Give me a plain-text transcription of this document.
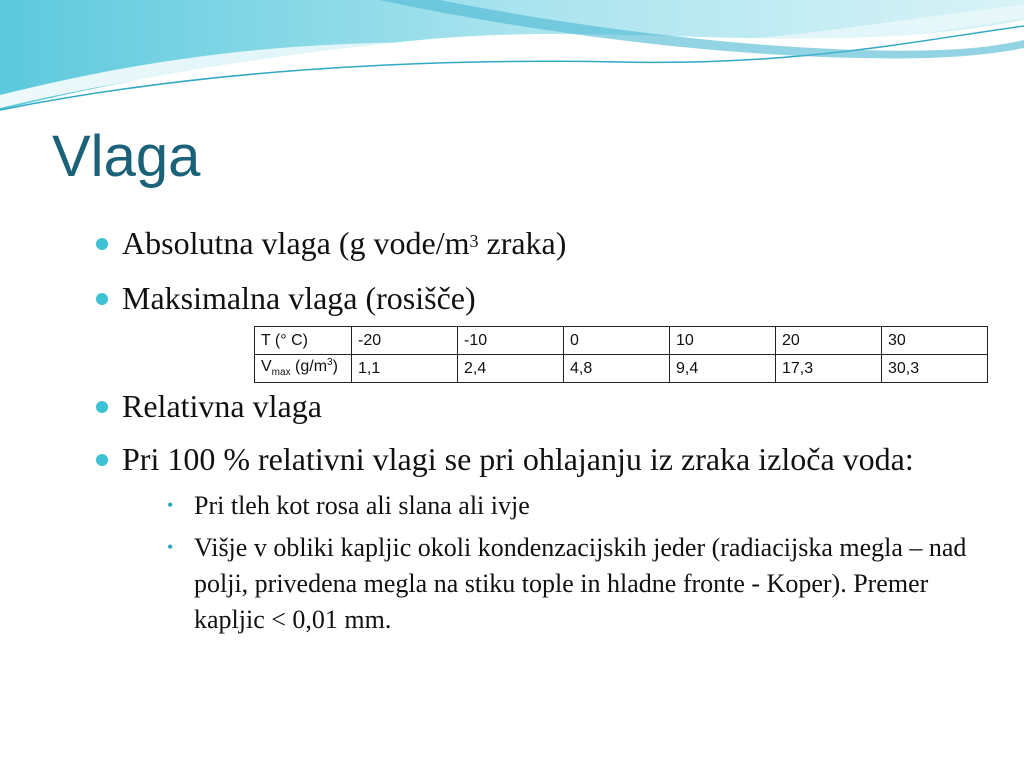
Vlaga
Absolutna vlaga (g vode/$m^3$ zraka)
Maksimalna vlaga (rosišče)
T (° C)	-20	-10	0	10	20	30
$V_{max}$ $(g/m^3)$	1,1	2,4	4,8	9,4	17,3	30,3
Relativna vlaga
Pri 100 % relativni vlagi se pri ohlajanju iz zraka izloča voda:
• Pri tleh kot rosa ali slana ali ivje
• Višje v obliki kapljic okoli kondenzacijskih jeder (radiacijska megla – nad polji, privedena megla na stiku tople in hladne fronte - Koper). Premer kapljic < 0,01 mm.
